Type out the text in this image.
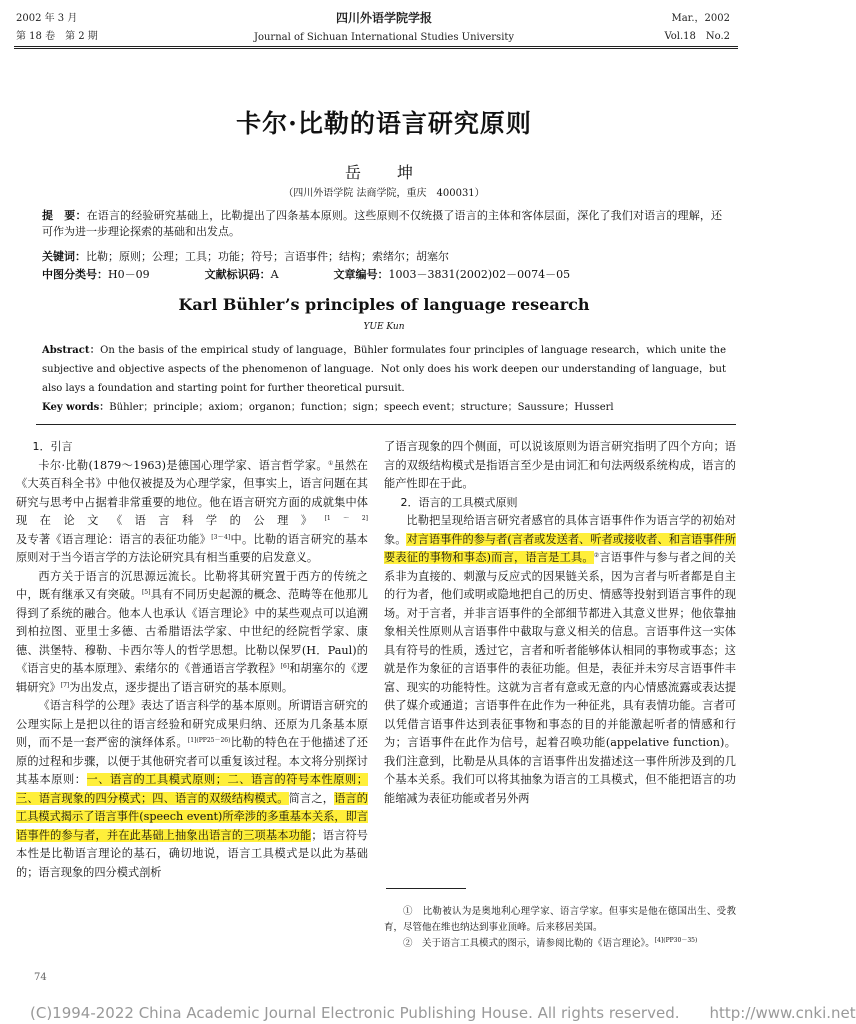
2002 年 3 月
第 18 卷　第 2 期
四川外语学院学报
Journal of Sichuan International Studies University
Mar.，2002
Vol.18　No.2
卡尔·比勒的语言研究原则
岳　坤
（四川外语学院 法商学院，重庆　400031）
提　要：在语言的经验研究基础上，比勒提出了四条基本原则。这些原则不仅统摄了语言的主体和客体层面，深化了我们对语言的理解，还可作为进一步理论探索的基础和出发点。
关键词：比勒；原则；公理；工具；功能；符号；言语事件；结构；索绪尔；胡塞尔
中图分类号：H0－09	文献标识码：A	文章编号：1003－3831(2002)02－0074－05
Karl Bühler’s principles of language research
YUE Kun
Abstract：On the basis of the empirical study of language，Bühler formulates four principles of language research，which unite the subjective and objective aspects of the phenomenon of language．Not only does his work deepen our understanding of language，but also lays a foundation and starting point for further theoretical pursuit．
Key words：Bühler；principle；axiom；organon；function；sign；speech event；structure；Saussure；Husserl

1．引言

卡尔·比勒(1879～1963)是德国心理学家、语言哲学家。①虽然在《大英百科全书》中他仅被提及为心理学家，但事实上，语言问题在其研究与思考中占据着非常重要的地位。他在语言研究方面的成就集中体现在论文《语言科学的公理》[1～2]及专著《语言理论：语言的表征功能》[3～4]中。比勒的语言研究的基本原则对于当今语言学的方法论研究具有相当重要的启发意义。

西方关于语言的沉思源远流长。比勒将其研究置于西方的传统之中，既有继承又有突破。[5]具有不同历史起源的概念、范畴等在他那儿得到了系统的融合。他本人也承认《语言理论》中的某些观点可以追溯到柏拉图、亚里士多德、古希腊语法学家、中世纪的经院哲学家、康德、洪堡特、穆勒、卡西尔等人的哲学思想。比勒以保罗(H．Paul)的《语言史的基本原理》、索绪尔的《普通语言学教程》[6]和胡塞尔的《逻辑研究》[7]为出发点，逐步提出了语言研究的基本原则。

《语言科学的公理》表达了语言科学的基本原则。所谓语言研究的公理实际上是把以往的语言经验和研究成果归纳、还原为几条基本原则，而不是一套严密的演绎体系。$^{[1](PP25-26)}$比勒的特色在于他描述了还原的过程和步骤，以便于其他研究者可以重复该过程。本文将分别探讨其基本原则：一、语言的工具模式原则；二、语言的符号本性原则；三、语言现象的四分模式；四、语言的双级结构模式。简言之，语言的工具模式揭示了语言事件(speech event)所牵涉的多重基本关系，即言语事件的参与者，并在此基础上抽象出语言的三项基本功能；语言符号本性是比勒语言理论的基石，确切地说，语言工具模式是以此为基础的；语言现象的四分模式剖析

了语言现象的四个侧面，可以说该原则为语言研究指明了四个方向；语言的双级结构模式是指语言至少是由词汇和句法两级系统构成，语言的能产性即在于此。

2．语言的工具模式原则

比勒把呈现给语言研究者感官的具体言语事件作为语言学的初始对象。对言语事件的参与者(言者或发送者、听者或接收者、和言语事件所要表征的事物和事态)而言，语言是工具。②言语事件与参与者之间的关系非为直接的、刺激与反应式的因果链关系，因为言者与听者都是自主的行为者，他们或明或隐地把自己的历史、情感等投射到语言事件的现场。对于言者，并非言语事件的全部细节都进入其意义世界；他依靠抽象相关性原则从言语事件中截取与意义相关的信息。言语事件这一实体具有符号的性质，透过它，言者和听者能够体认相同的事物或事态；这就是作为象征的言语事件的表征功能。但是，表征并未穷尽言语事件丰富、现实的功能特性。这就为言者有意或无意的内心情感流露或表达提供了媒介或通道；言语事件在此作为一种征兆，具有表情功能。言者可以凭借言语事件达到表征事物和事态的目的并能激起听者的情感和行为；言语事件在此作为信号，起着召唤功能(appelative function)。我们注意到，比勒是从具体的言语事件出发描述这一事件所涉及到的几个基本关系。我们可以将其抽象为语言的工具模式，但不能把语言的功能缩减为表征功能或者另外两

①　比勒被认为是奥地利心理学家、语言学家。但事实是他在德国出生、受教育，尽管他在维也纳达到事业顶峰。后来移居美国。

②　关于语言工具模式的图示，请参阅比勒的《语言理论》。$^{[4](PP30-35)}$

74
(C)1994-2022 China Academic Journal Electronic Publishing House. All rights reserved.　　http://www.cnki.net
